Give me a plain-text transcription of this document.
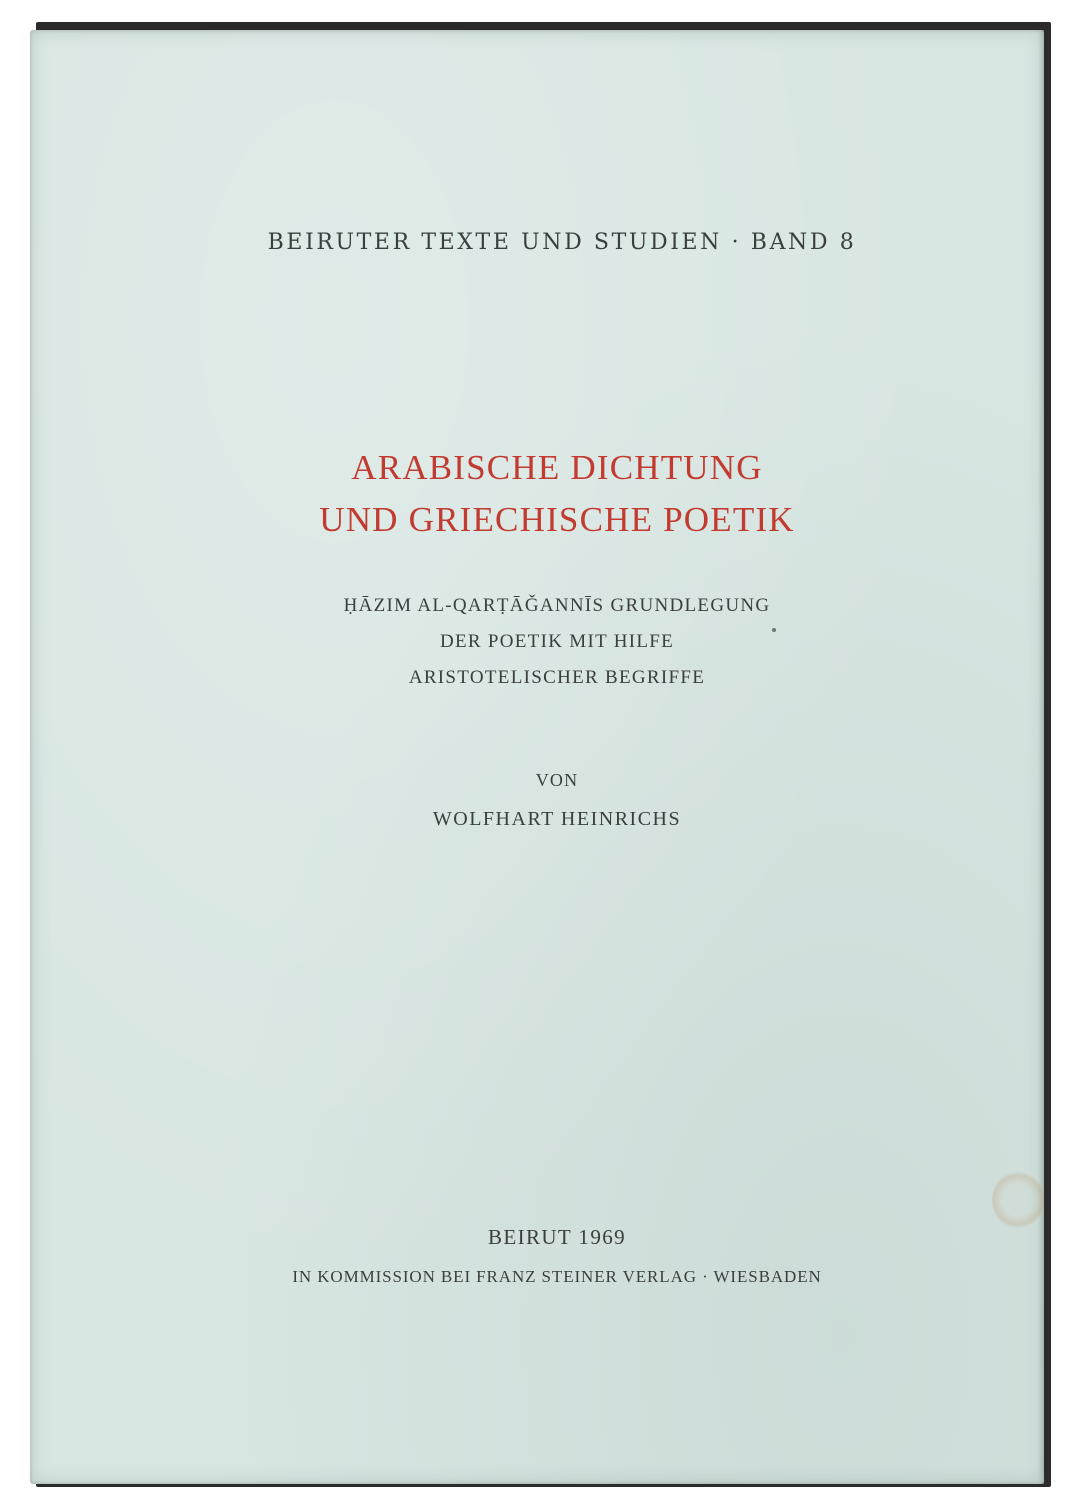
BEIRUTER TEXTE UND STUDIEN · BAND 8

ARABISCHE DICHTUNG

UND GRIECHISCHE POETIK

ḤĀZIM AL-QARṬĀǦANNĪS GRUNDLEGUNG

DER POETIK MIT HILFE

ARISTOTELISCHER BEGRIFFE

VON

WOLFHART HEINRICHS

BEIRUT 1969

IN KOMMISSION BEI FRANZ STEINER VERLAG · WIESBADEN
